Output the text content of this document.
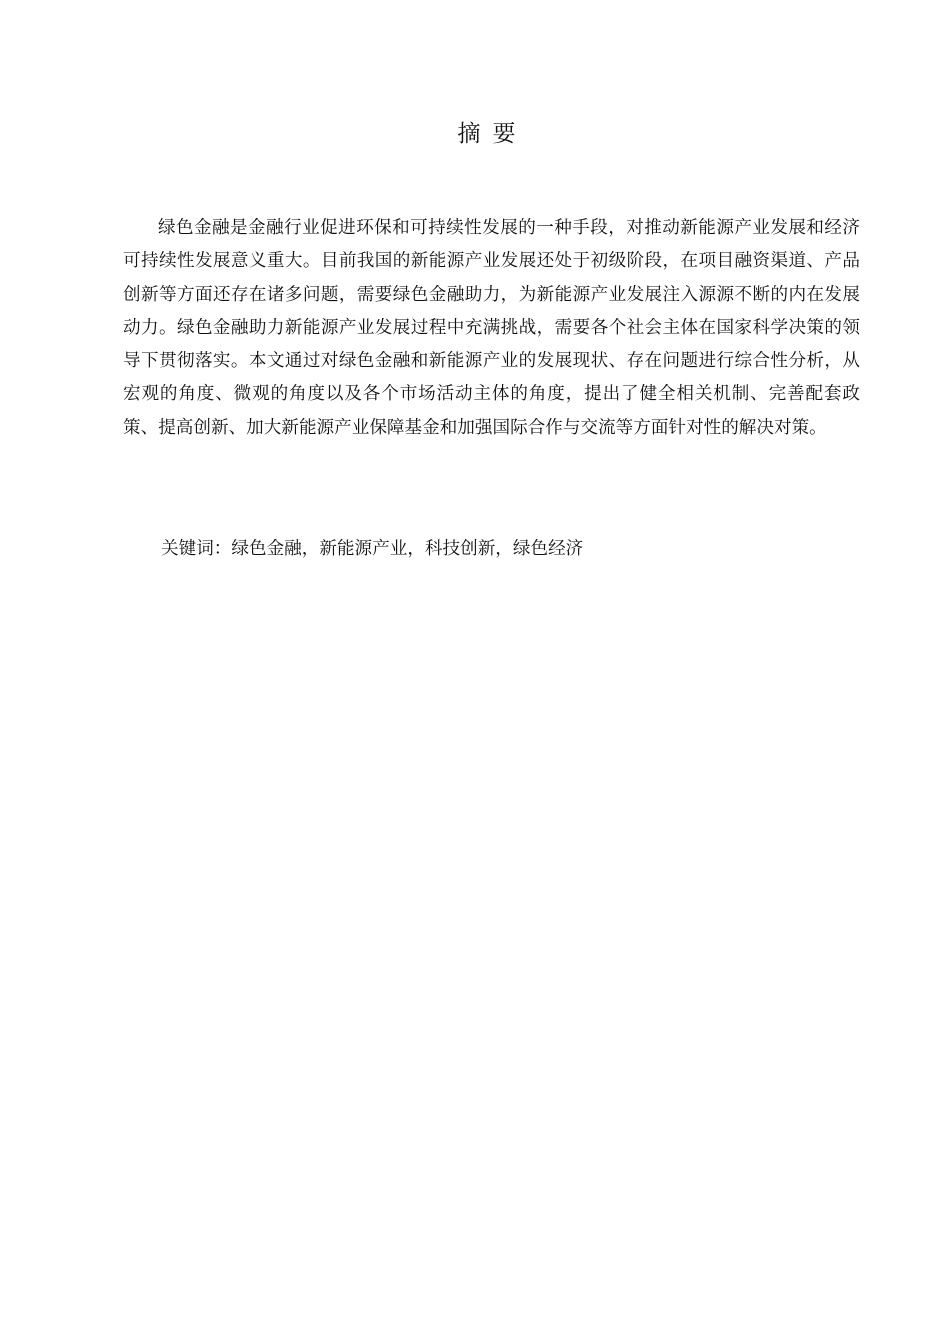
摘要

绿色金融是金融行业促进环保和可持续性发展的一种手段，对推动新能源产业发展和经济可持续性发展意义重大。目前我国的新能源产业发展还处于初级阶段，在项目融资渠道、产品创新等方面还存在诸多问题，需要绿色金融助力，为新能源产业发展注入源源不断的内在发展动力。绿色金融助力新能源产业发展过程中充满挑战，需要各个社会主体在国家科学决策的领导下贯彻落实。本文通过对绿色金融和新能源产业的发展现状、存在问题进行综合性分析，从宏观的角度、微观的角度以及各个市场活动主体的角度，提出了健全相关机制、完善配套政策、提高创新、加大新能源产业保障基金和加强国际合作与交流等方面针对性的解决对策。

关键词：绿色金融，新能源产业，科技创新，绿色经济
